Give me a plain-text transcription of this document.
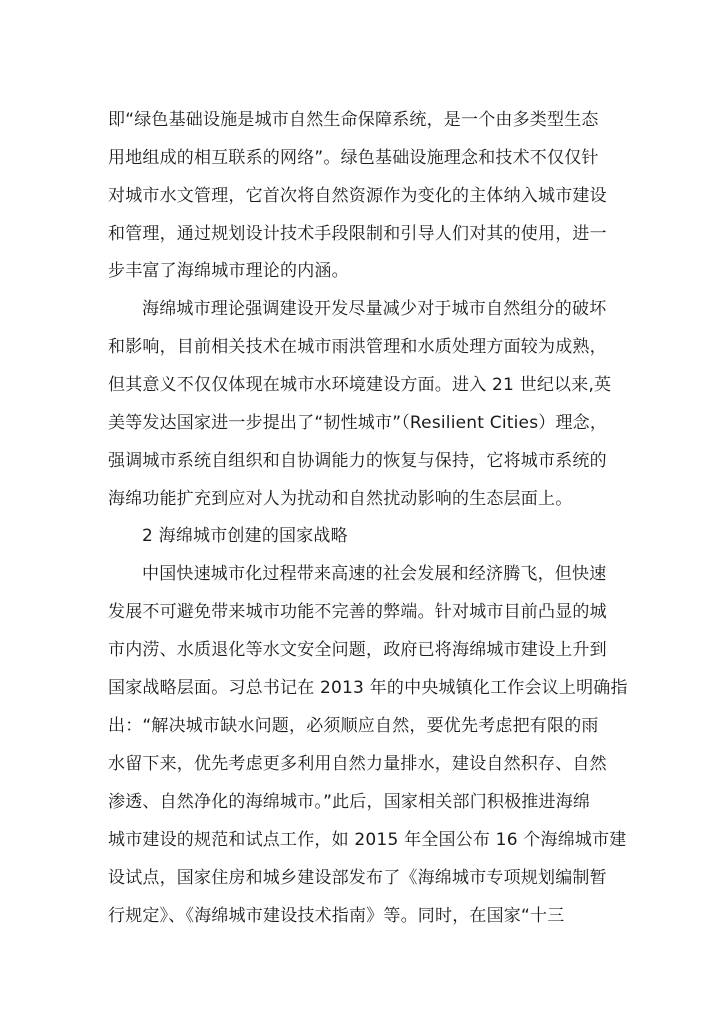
即“绿色基础设施是城市自然生命保障系统，是一个由多类型生态
用地组成的相互联系的网络”。绿色基础设施理念和技术不仅仅针
对城市水文管理，它首次将自然资源作为变化的主体纳入城市建设
和管理，通过规划设计技术手段限制和引导人们对其的使用，进一
步丰富了海绵城市理论的内涵。
海绵城市理论强调建设开发尽量减少对于城市自然组分的破坏
和影响，目前相关技术在城市雨洪管理和水质处理方面较为成熟，
但其意义不仅仅体现在城市水环境建设方面。进入 21 世纪以来,英
美等发达国家进一步提出了“韧性城市”（Resilient Cities）理念，
强调城市系统自组织和自协调能力的恢复与保持，它将城市系统的
海绵功能扩充到应对人为扰动和自然扰动影响的生态层面上。
2 海绵城市创建的国家战略
中国快速城市化过程带来高速的社会发展和经济腾飞，但快速
发展不可避免带来城市功能不完善的弊端。针对城市目前凸显的城
市内涝、水质退化等水文安全问题，政府已将海绵城市建设上升到
国家战略层面。习总书记在 2013 年的中央城镇化工作会议上明确指
出：“解决城市缺水问题，必须顺应自然，要优先考虑把有限的雨
水留下来，优先考虑更多利用自然力量排水，建设自然积存、自然
渗透、自然净化的海绵城市。”此后，国家相关部门积极推进海绵
城市建设的规范和试点工作，如 2015 年全国公布 16 个海绵城市建
设试点，国家住房和城乡建设部发布了《海绵城市专项规划编制暂
行规定》、《海绵城市建设技术指南》等。同时，在国家“十三
